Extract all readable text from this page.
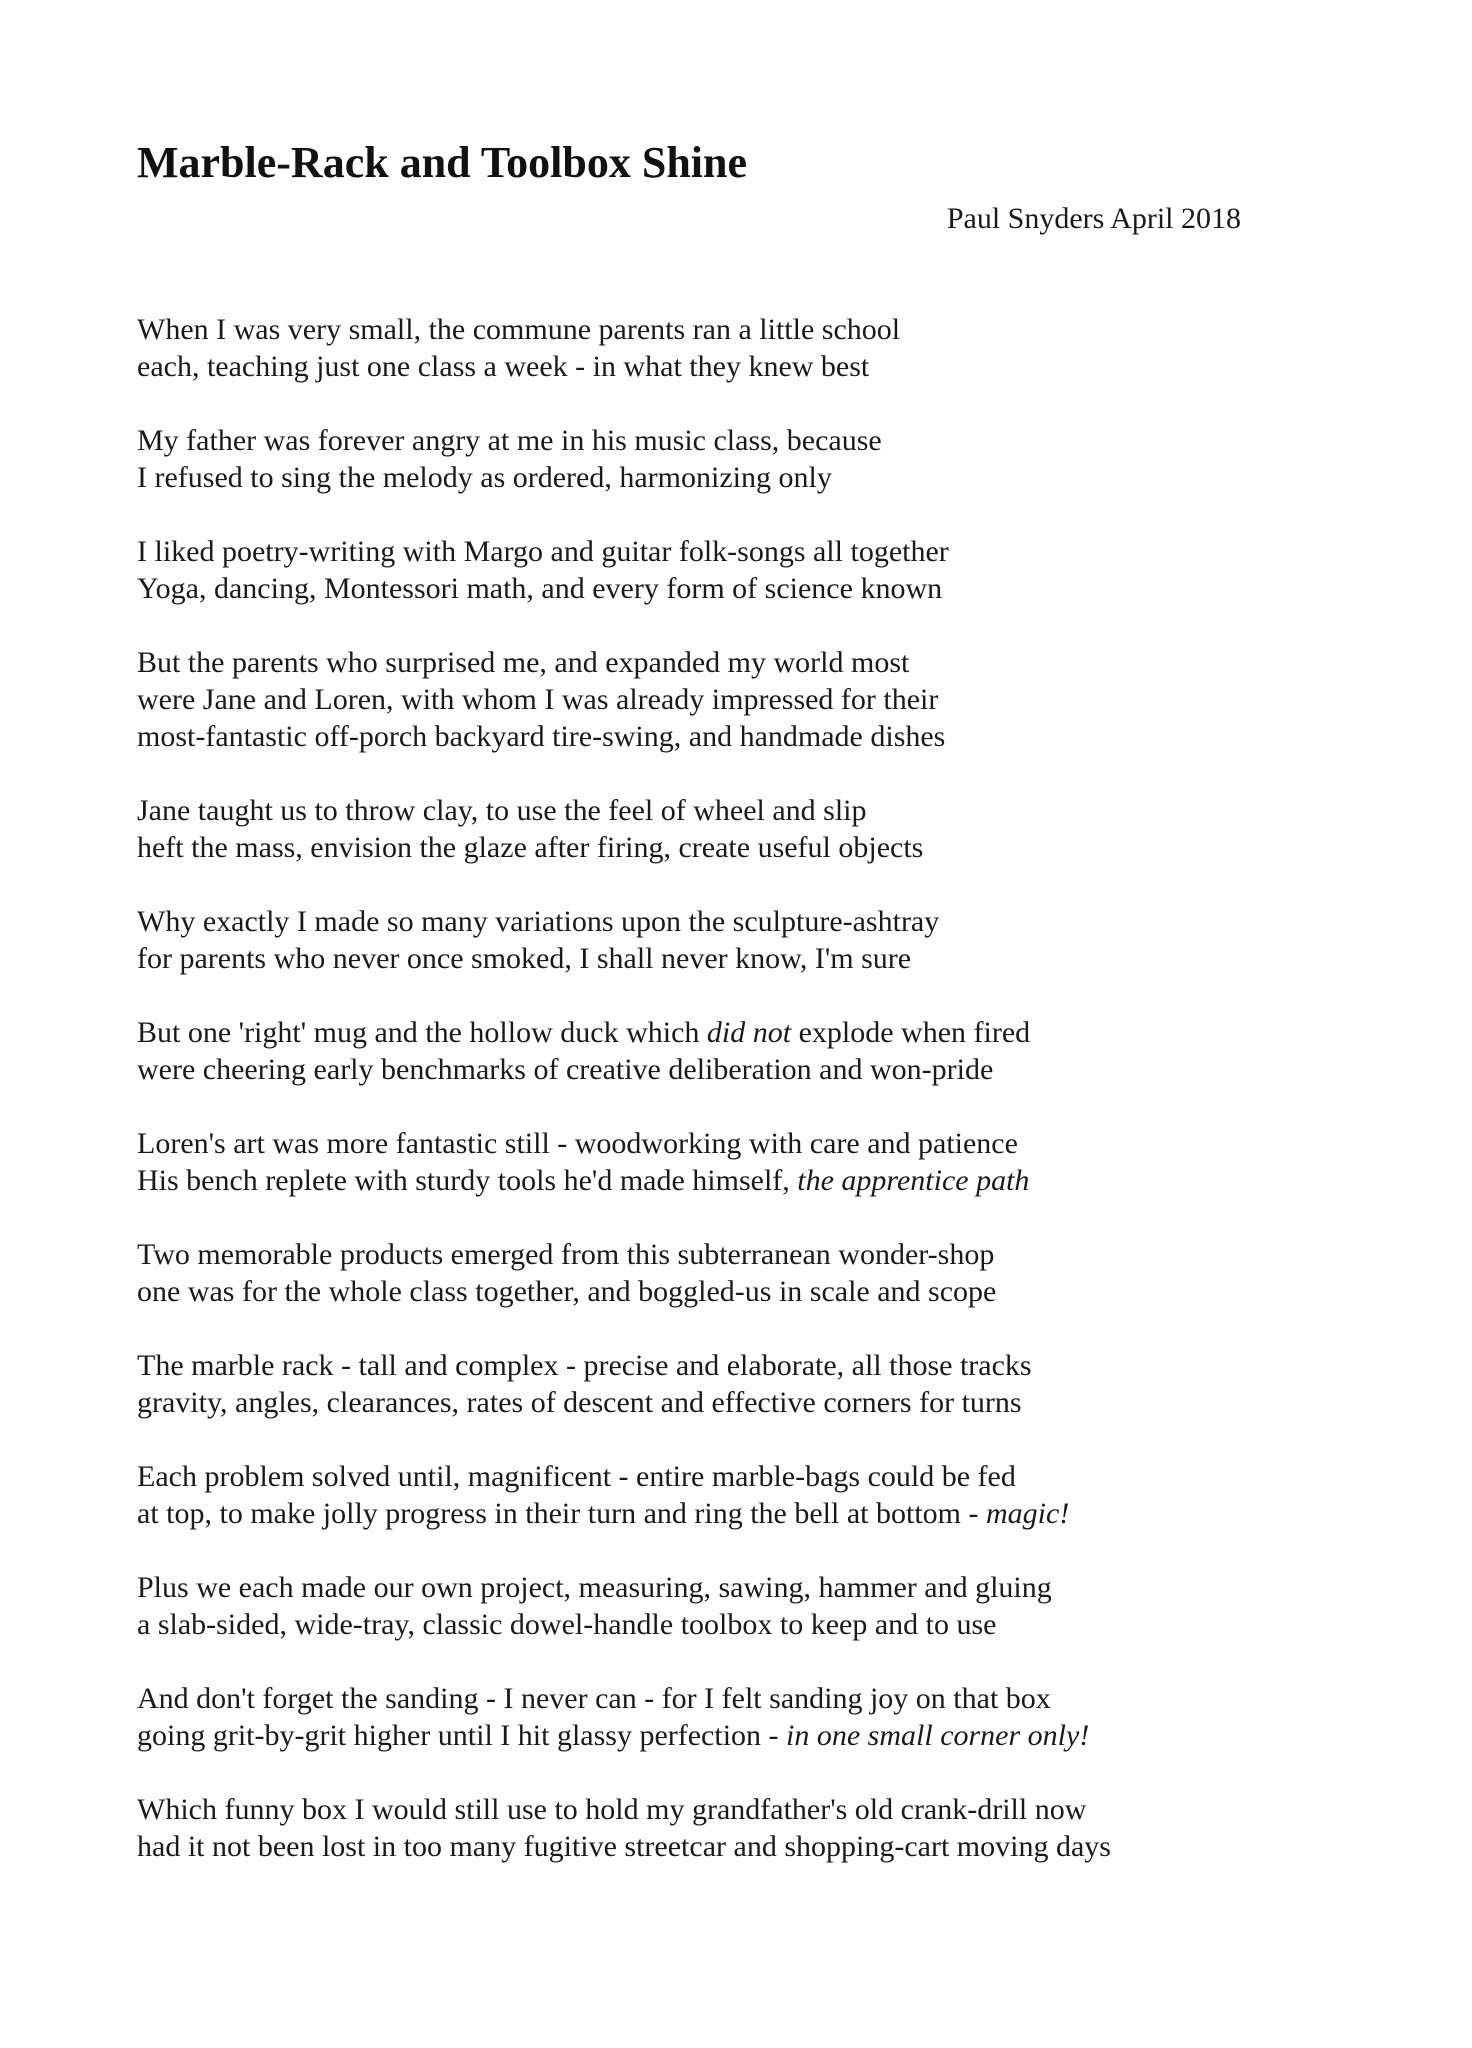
Marble-Rack and Toolbox Shine
Paul Snyders April 2018
When I was very small, the commune parents ran a little school
each, teaching just one class a week - in what they knew best
My father was forever angry at me in his music class, because
I refused to sing the melody as ordered, harmonizing only
I liked poetry-writing with Margo and guitar folk-songs all together
Yoga, dancing, Montessori math, and every form of science known
But the parents who surprised me, and expanded my world most
were Jane and Loren, with whom I was already impressed for their
most-fantastic off-porch backyard tire-swing, and handmade dishes
Jane taught us to throw clay, to use the feel of wheel and slip
heft the mass, envision the glaze after firing, create useful objects
Why exactly I made so many variations upon the sculpture-ashtray
for parents who never once smoked, I shall never know, I'm sure
But one 'right' mug and the hollow duck which did not explode when fired
were cheering early benchmarks of creative deliberation and won-pride
Loren's art was more fantastic still - woodworking with care and patience
His bench replete with sturdy tools he'd made himself, the apprentice path
Two memorable products emerged from this subterranean wonder-shop
one was for the whole class together, and boggled-us in scale and scope
The marble rack - tall and complex - precise and elaborate, all those tracks
gravity, angles, clearances, rates of descent and effective corners for turns
Each problem solved until, magnificent - entire marble-bags could be fed
at top, to make jolly progress in their turn and ring the bell at bottom - magic!
Plus we each made our own project, measuring, sawing, hammer and gluing
a slab-sided, wide-tray, classic dowel-handle toolbox to keep and to use
And don't forget the sanding - I never can - for I felt sanding joy on that box
going grit-by-grit higher until I hit glassy perfection - in one small corner only!
Which funny box I would still use to hold my grandfather's old crank-drill now
had it not been lost in too many fugitive streetcar and shopping-cart moving days
